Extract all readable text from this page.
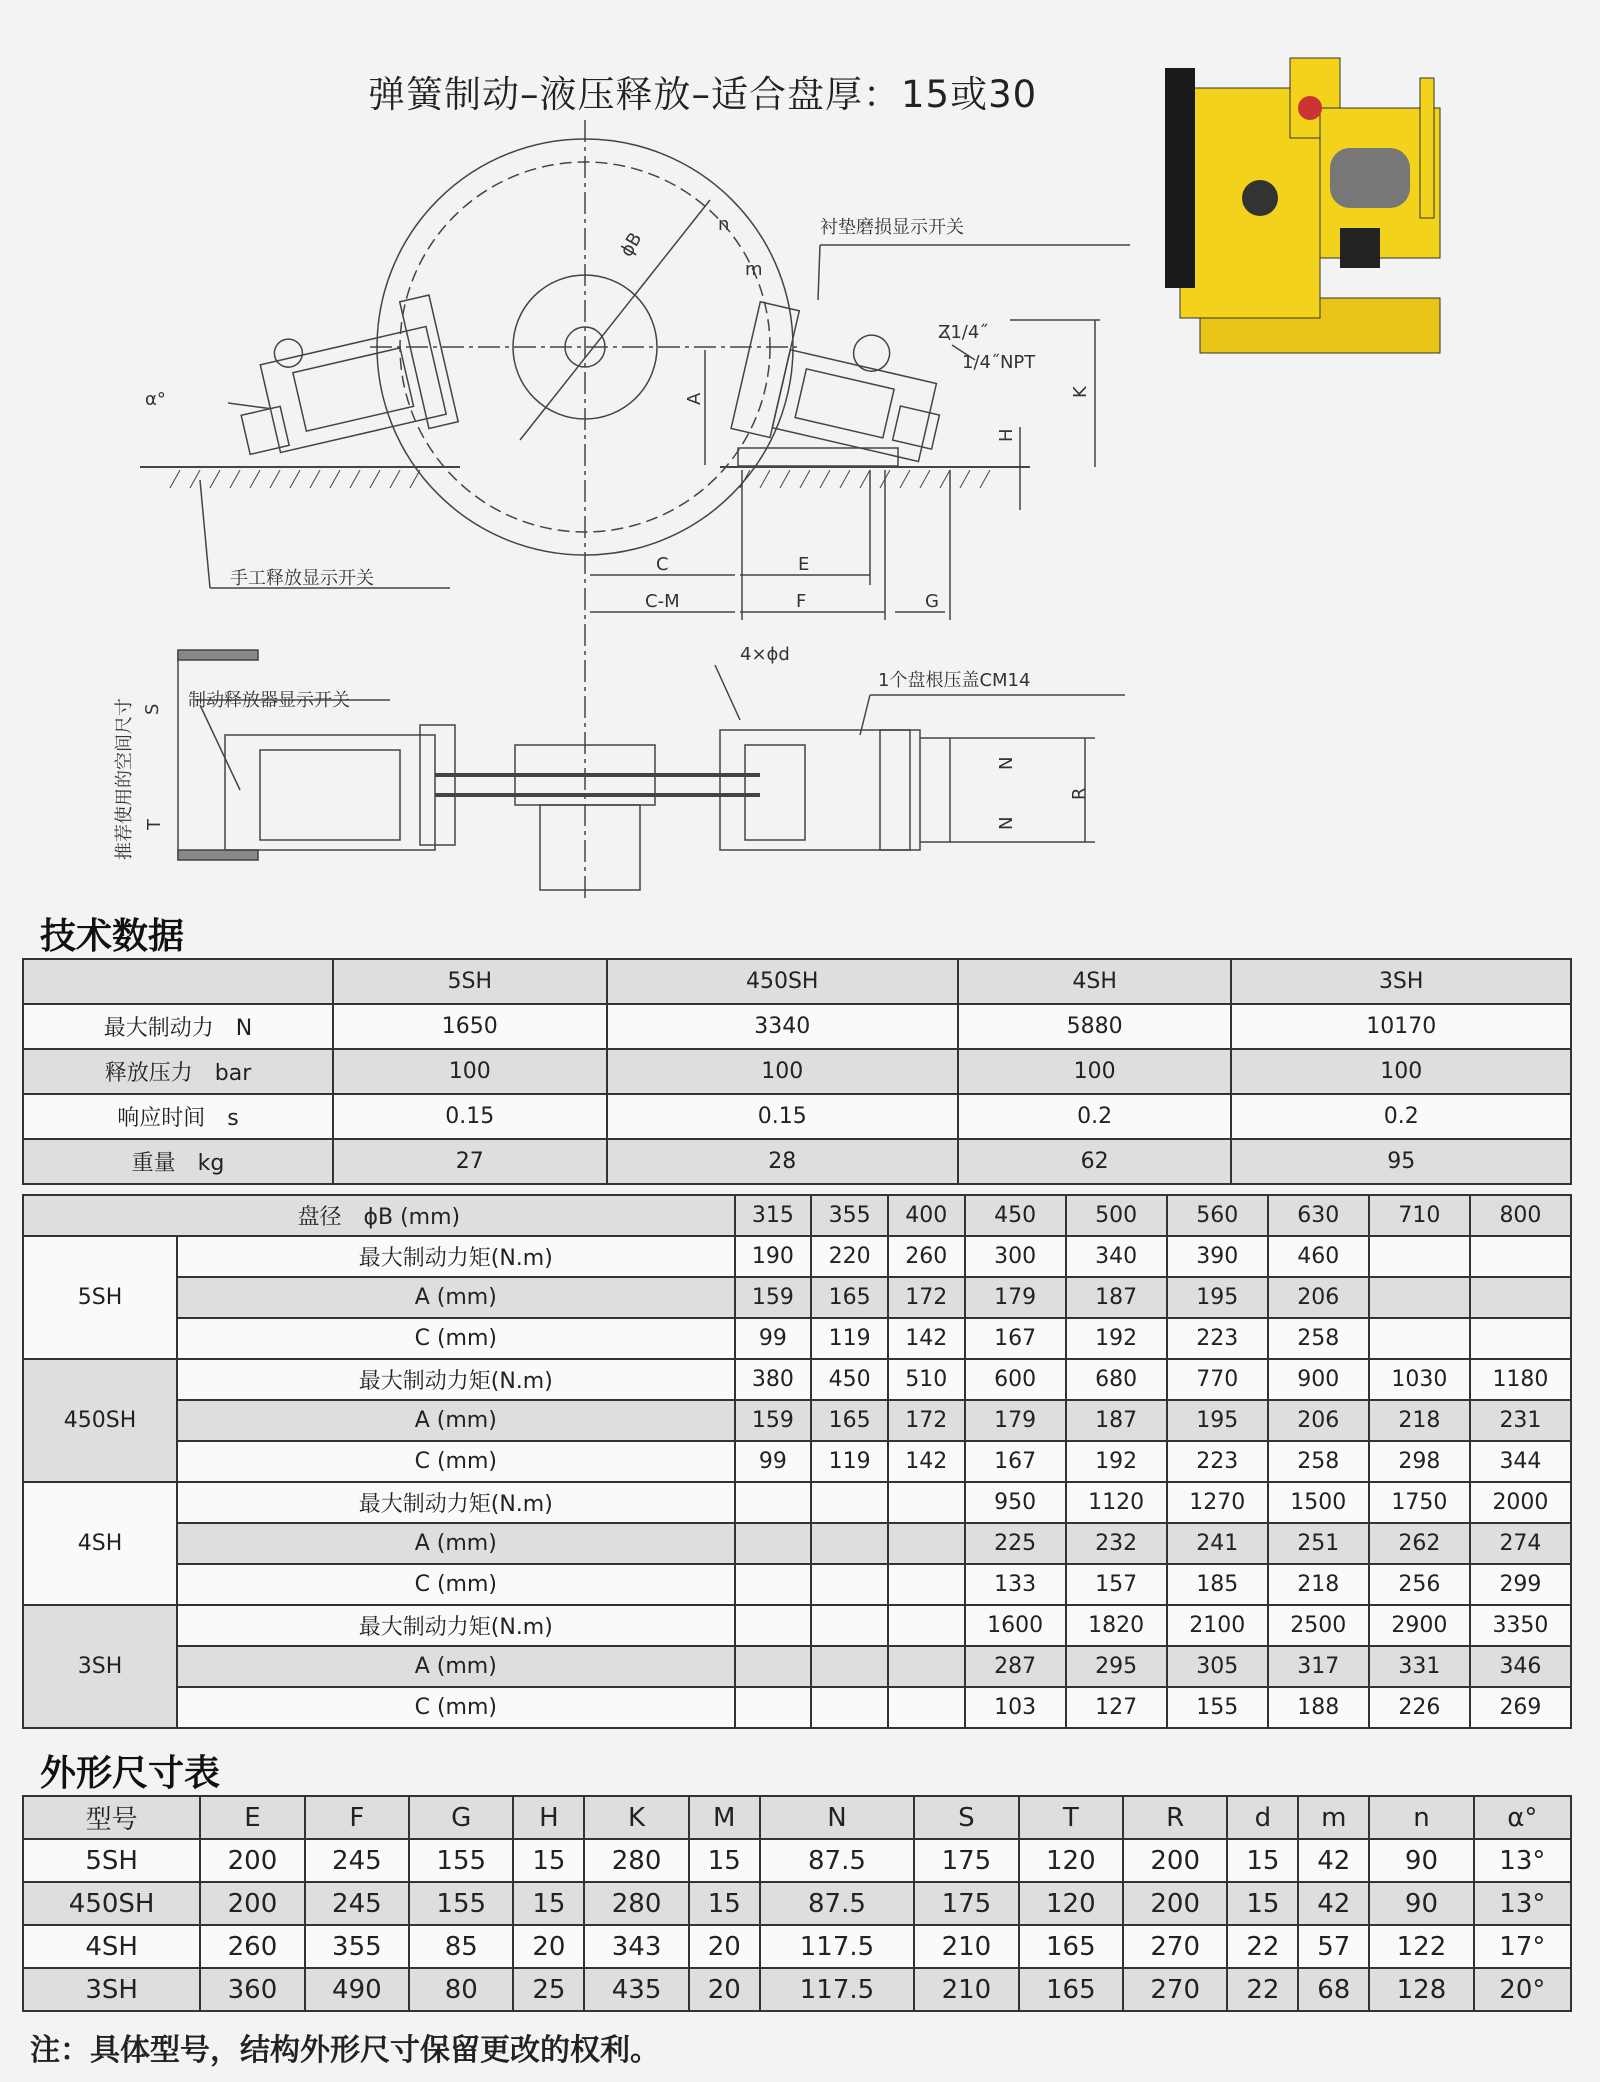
弹簧制动–液压释放–适合盘厚：15或30
衬垫磨损显示开关
Z1/4˝
1/4˝NPT
手工释放显示开关
制动释放器显示开关
4×ϕd
1个盘根压盖CM14
ϕB
n
m
α°	A
K
H
C	E
C-M	F	G
S
T
R
N
N
推荐使用的空间尺寸
技术数据
	5SH	450SH	4SH	3SH
最大制动力　N	1650	3340	5880	10170
释放压力　bar	100	100	100	100
响应时间　s	0.15	0.15	0.2	0.2
重量　kg	27	28	62	95
盘径　ϕB (mm)		315	355	400	450	500	560	630	710	800
5SH	最大制动力矩(N.m)	190	220	260	300	340	390	460		
	A (mm)	159	165	172	179	187	195	206		
	C (mm)	99	119	142	167	192	223	258		
450SH	最大制动力矩(N.m)	380	450	510	600	680	770	900	1030	1180
	A (mm)	159	165	172	179	187	195	206	218	231
	C (mm)	99	119	142	167	192	223	258	298	344
4SH	最大制动力矩(N.m)				950	1120	1270	1500	1750	2000
	A (mm)				225	232	241	251	262	274
	C (mm)				133	157	185	218	256	299
3SH	最大制动力矩(N.m)				1600	1820	2100	2500	2900	3350
	A (mm)				287	295	305	317	331	346
	C (mm)				103	127	155	188	226	269
外形尺寸表
型号	E	F	G	H	K	M	N	S	T	R	d	m	n	α°
5SH	200	245	155	15	280	15	87.5	175	120	200	15	42	90	13°
450SH	200	245	155	15	280	15	87.5	175	120	200	15	42	90	13°
4SH	260	355	85	20	343	20	117.5	210	165	270	22	57	122	17°
3SH	360	490	80	25	435	20	117.5	210	165	270	22	68	128	20°
注：具体型号，结构外形尺寸保留更改的权利。
